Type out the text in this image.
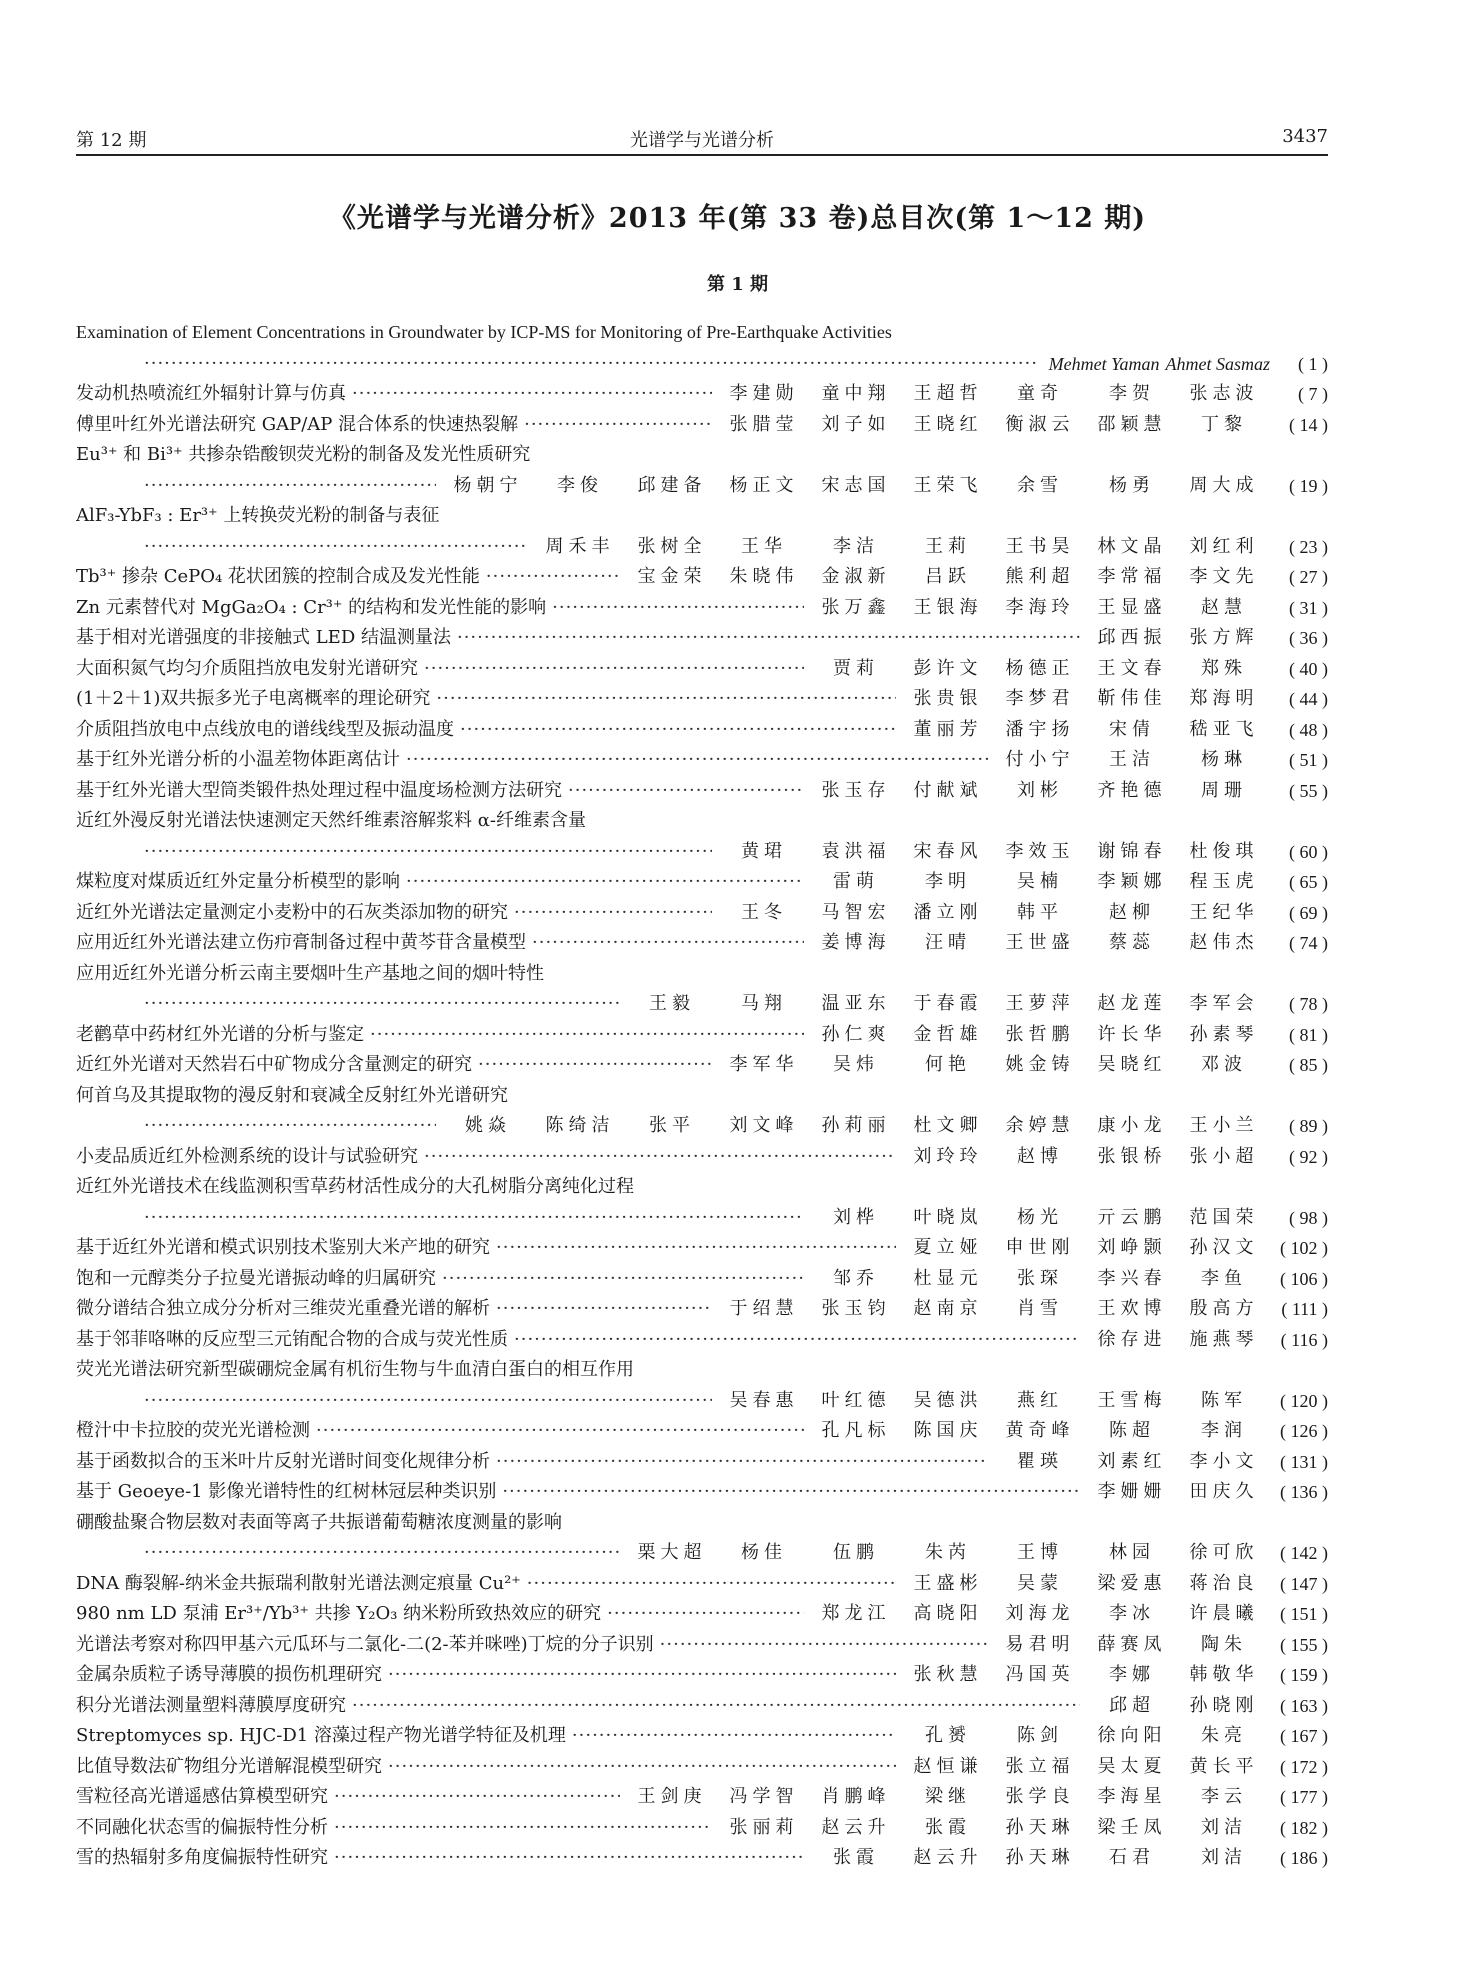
第 12 期	光谱学与光谱分析	3437
《光谱学与光谱分析》2013 年(第 33 卷)总目次(第 1～12 期)
第 1 期
Examination of Element Concentrations in Groundwater by ICP-MS for Monitoring of Pre-Earthquake Activities
·····
Mehmet Yaman Ahmet Sasmaz	( 1 )
发动机热喷流红外辐射计算与仿真 ·····	李建勋	童中翔	王超哲	童奇	李贺	张志波	( 7 )
傅里叶红外光谱法研究 GAP/AP 混合体系的快速热裂解 ·····	张腊莹	刘子如	王晓红	衡淑云	邵颖慧	丁黎	( 14 )
Eu³⁺ 和 Bi³⁺ 共掺杂锆酸钡荧光粉的制备及发光性质研究
·····
杨朝宁	李俊	邱建备	杨正文	宋志国	王荣飞	余雪	杨勇	周大成	( 19 )
AlF₃-YbF₃ : Er³⁺ 上转换荧光粉的制备与表征
·····
周禾丰	张树全	王华	李洁	王莉	王书昊	林文晶	刘红利	( 23 )
Tb³⁺ 掺杂 CePO₄ 花状团簇的控制合成及发光性能 ·····	宝金荣	朱晓伟	金淑新	吕跃	熊利超	李常福	李文先	( 27 )
Zn 元素替代对 MgGa₂O₄ : Cr³⁺ 的结构和发光性能的影响 ·····	张万鑫	王银海	李海玲	王显盛	赵慧	( 31 )
基于相对光谱强度的非接触式 LED 结温测量法 ·····	邱西振	张方辉	( 36 )
大面积氮气均匀介质阻挡放电发射光谱研究 ·····	贾莉	彭许文	杨德正	王文春	郑殊	( 40 )
(1＋2＋1)双共振多光子电离概率的理论研究 ·····	张贵银	李梦君	靳伟佳	郑海明	( 44 )
介质阻挡放电中点线放电的谱线线型及振动温度 ·····	董丽芳	潘宇扬	宋倩	嵇亚飞	( 48 )
基于红外光谱分析的小温差物体距离估计 ·····	付小宁	王洁	杨琳	( 51 )
基于红外光谱大型筒类锻件热处理过程中温度场检测方法研究 ·····	张玉存	付献斌	刘彬	齐艳德	周珊	( 55 )
近红外漫反射光谱法快速测定天然纤维素溶解浆料 α-纤维素含量
·····
黄珺	袁洪福	宋春风	李效玉	谢锦春	杜俊琪	( 60 )
煤粒度对煤质近红外定量分析模型的影响 ·····	雷萌	李明	吴楠	李颖娜	程玉虎	( 65 )
近红外光谱法定量测定小麦粉中的石灰类添加物的研究 ·····	王冬	马智宏	潘立刚	韩平	赵柳	王纪华	( 69 )
应用近红外光谱法建立伤疖膏制备过程中黄芩苷含量模型 ·····	姜博海	汪晴	王世盛	蔡蕊	赵伟杰	( 74 )
应用近红外光谱分析云南主要烟叶生产基地之间的烟叶特性
·····
王毅	马翔	温亚东	于春霞	王萝萍	赵龙莲	李军会	( 78 )
老鹳草中药材红外光谱的分析与鉴定 ·····	孙仁爽	金哲雄	张哲鹏	许长华	孙素琴	( 81 )
近红外光谱对天然岩石中矿物成分含量测定的研究 ·····	李军华	吴炜	何艳	姚金铸	吴晓红	邓波	( 85 )
何首乌及其提取物的漫反射和衰减全反射红外光谱研究
·····
姚焱	陈绮洁	张平	刘文峰	孙莉丽	杜文卿	余婷慧	康小龙	王小兰	( 89 )
小麦品质近红外检测系统的设计与试验研究 ·····	刘玲玲	赵博	张银桥	张小超	( 92 )
近红外光谱技术在线监测积雪草药材活性成分的大孔树脂分离纯化过程
·····
刘桦	叶晓岚	杨光	亓云鹏	范国荣	( 98 )
基于近红外光谱和模式识别技术鉴别大米产地的研究 ·····	夏立娅	申世刚	刘峥颢	孙汉文	( 102 )
饱和一元醇类分子拉曼光谱振动峰的归属研究 ·····	邹乔	杜显元	张琛	李兴春	李鱼	( 106 )
微分谱结合独立成分分析对三维荧光重叠光谱的解析 ·····	于绍慧	张玉钧	赵南京	肖雪	王欢博	殷高方	( 111 )
基于邻菲咯啉的反应型三元铕配合物的合成与荧光性质 ·····	徐存进	施燕琴	( 116 )
荧光光谱法研究新型碳硼烷金属有机衍生物与牛血清白蛋白的相互作用
·····
吴春惠	叶红德	吴德洪	燕红	王雪梅	陈军	( 120 )
橙汁中卡拉胶的荧光光谱检测 ·····	孔凡标	陈国庆	黄奇峰	陈超	李润	( 126 )
基于函数拟合的玉米叶片反射光谱时间变化规律分析 ·····	瞿瑛	刘素红	李小文	( 131 )
基于 Geoeye-1 影像光谱特性的红树林冠层种类识别 ·····	李姗姗	田庆久	( 136 )
硼酸盐聚合物层数对表面等离子共振谱葡萄糖浓度测量的影响
·····
栗大超	杨佳	伍鹏	朱芮	王博	林园	徐可欣	( 142 )
DNA 酶裂解-纳米金共振瑞利散射光谱法测定痕量 Cu²⁺ ·····	王盛彬	吴蒙	梁爱惠	蒋治良	( 147 )
980 nm LD 泵浦 Er³⁺/Yb³⁺ 共掺 Y₂O₃ 纳米粉所致热效应的研究 ·····	郑龙江	高晓阳	刘海龙	李冰	许晨曦	( 151 )
光谱法考察对称四甲基六元瓜环与二氯化-二(2-苯并咪唑)丁烷的分子识别 ·····	易君明	薛赛凤	陶朱	( 155 )
金属杂质粒子诱导薄膜的损伤机理研究 ·····	张秋慧	冯国英	李娜	韩敬华	( 159 )
积分光谱法测量塑料薄膜厚度研究 ·····	邱超	孙晓刚	( 163 )
Streptomyces sp. HJC-D1 溶藻过程产物光谱学特征及机理 ·····	孔赟	陈剑	徐向阳	朱亮	( 167 )
比值导数法矿物组分光谱解混模型研究 ·····	赵恒谦	张立福	吴太夏	黄长平	( 172 )
雪粒径高光谱遥感估算模型研究 ·····	王剑庚	冯学智	肖鹏峰	梁继	张学良	李海星	李云	( 177 )
不同融化状态雪的偏振特性分析 ·····	张丽莉	赵云升	张霞	孙天琳	梁壬凤	刘洁	( 182 )
雪的热辐射多角度偏振特性研究 ·····	张霞	赵云升	孙天琳	石君	刘洁	( 186 )
